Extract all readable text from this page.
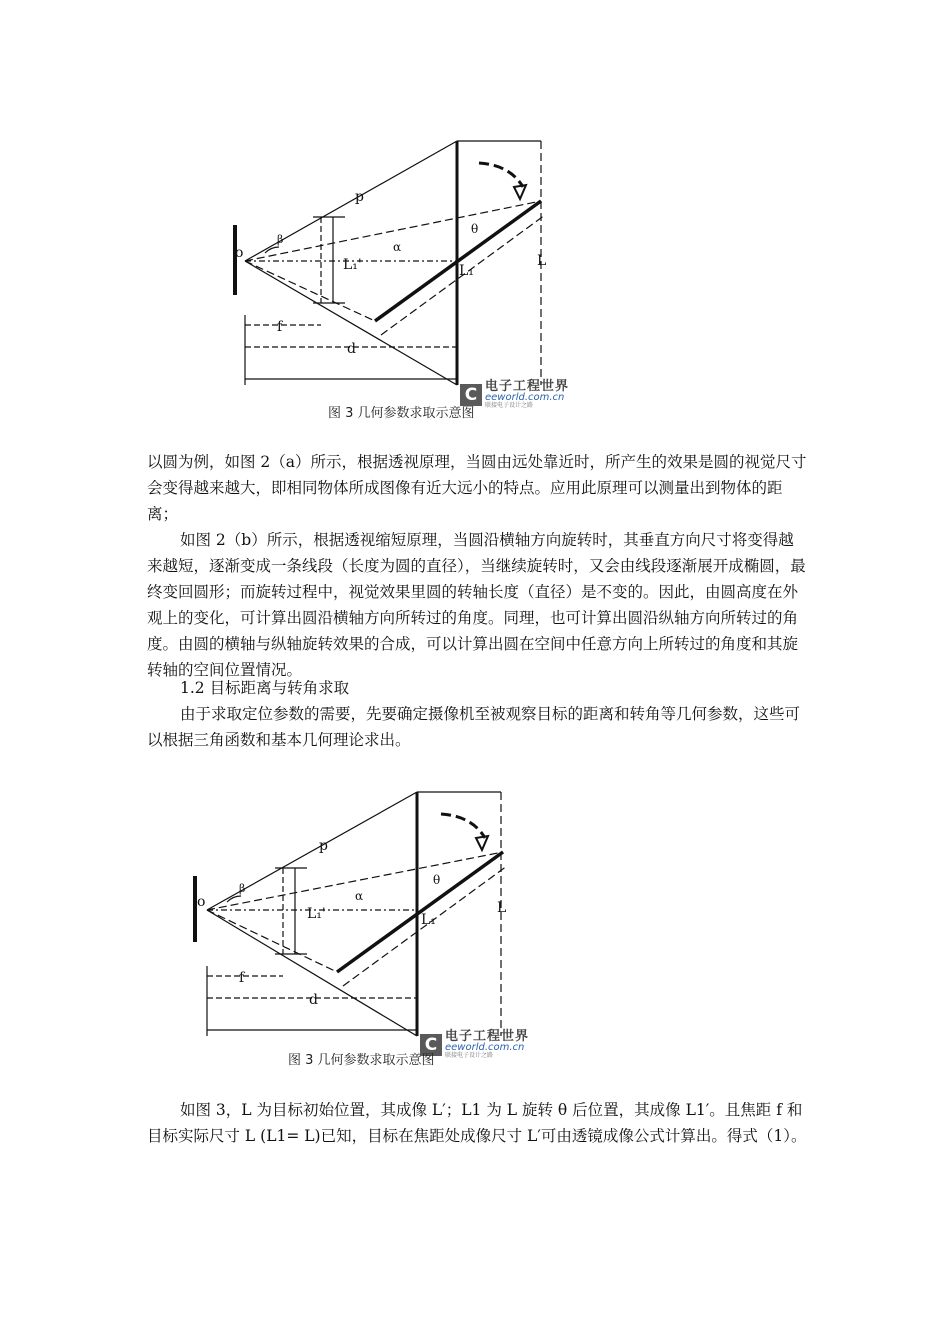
o
p
β
α
θ
L₁'	L₁
L
f
d
C 电子工程世界
eeworld.com.cn
联接电子设计之路
图 3 几何参数求取示意图

以圆为例，如图 2（a）所示，根据透视原理，当圆由远处靠近时，所产生的效果是圆的视觉尺寸会变得越来越大，即相同物体所成图像有近大远小的特点。应用此原理可以测量出到物体的距离；

如图 2（b）所示，根据透视缩短原理，当圆沿横轴方向旋转时，其垂直方向尺寸将变得越来越短，逐渐变成一条线段（长度为圆的直径），当继续旋转时，又会由线段逐渐展开成椭圆，最终变回圆形；而旋转过程中，视觉效果里圆的转轴长度（直径）是不变的。因此，由圆高度在外观上的变化，可计算出圆沿横轴方向所转过的角度。同理，也可计算出圆沿纵轴方向所转过的角度。由圆的横轴与纵轴旋转效果的合成，可以计算出圆在空间中任意方向上所转过的角度和其旋转轴的空间位置情况。

1.2 目标距离与转角求取

由于求取定位参数的需要，先要确定摄像机至被观察目标的距离和转角等几何参数，这些可以根据三角函数和基本几何理论求出。

o
p
β
α
θ
L₁'	L₁
L
f
d
C 电子工程世界
eeworld.com.cn
联接电子设计之路
图 3 几何参数求取示意图

如图 3，L 为目标初始位置，其成像 L′；L1 为 L 旋转 θ 后位置，其成像 L1′。且焦距 f 和目标实际尺寸 L (L1= L)已知，目标在焦距处成像尺寸 L′可由透镜成像公式计算出。得式（1）。
